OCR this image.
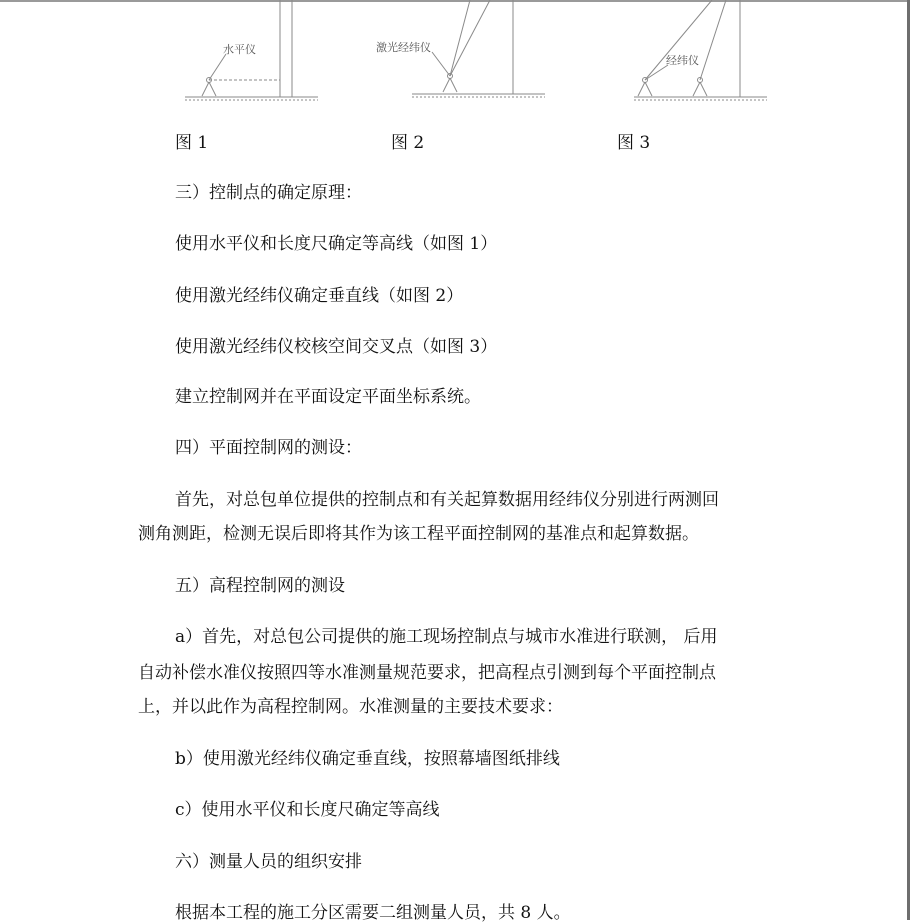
水平仪	激光经纬仪
经纬仪
图 1	图 2	图 3
三）控制点的确定原理：
使用水平仪和长度尺确定等高线（如图 1）
使用激光经纬仪确定垂直线（如图 2）
使用激光经纬仪校核空间交叉点（如图 3）
建立控制网并在平面设定平面坐标系统。
四）平面控制网的测设：
首先，对总包单位提供的控制点和有关起算数据用经纬仪分别进行两测回
测角测距，检测无误后即将其作为该工程平面控制网的基准点和起算数据。
五）高程控制网的测设
a）首先，对总包公司提供的施工现场控制点与城市水准进行联测， 后用
自动补偿水准仪按照四等水准测量规范要求，把高程点引测到每个平面控制点
上，并以此作为高程控制网。水准测量的主要技术要求：
b）使用激光经纬仪确定垂直线，按照幕墙图纸排线
c）使用水平仪和长度尺确定等高线
六）测量人员的组织安排
根据本工程的施工分区需要二组测量人员，共 8 人。
